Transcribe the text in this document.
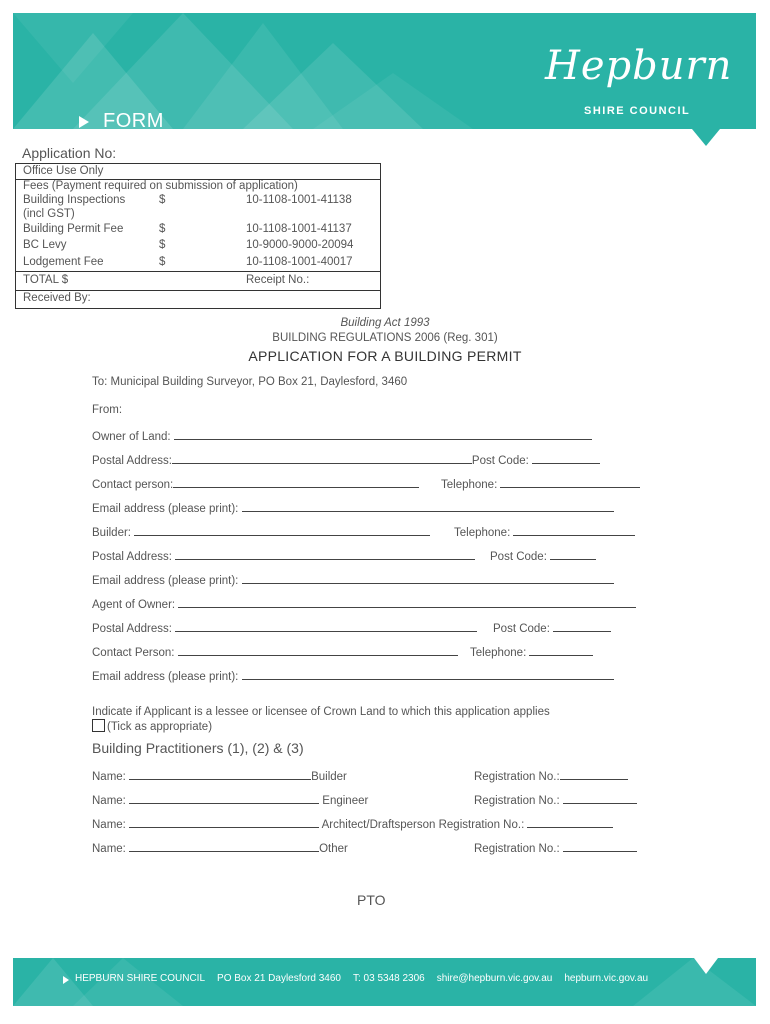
FORM
Hepburn
SHIRE COUNCIL
Application No:
Office Use Only
Fees (Payment required on submission of application)
Building Inspections	$	10-1108-1001-41138
(incl GST)
Building Permit Fee	$	10-1108-1001-41137
BC Levy	$	10-9000-9000-20094
Lodgement Fee	$	10-1108-1001-40017
TOTAL $	Receipt No.:
Received By:
Building Act 1993
BUILDING REGULATIONS 2006 (Reg. 301)
APPLICATION FOR A BUILDING PERMIT
To: Municipal Building Surveyor, PO Box 21, Daylesford, 3460
From:
Owner of Land:
Postal Address:	Post Code:
Contact person:	Telephone:
Email address (please print):
Builder:	Telephone:
Postal Address:	Post Code:
Email address (please print):
Agent of Owner:
Postal Address:	Post Code:
Contact Person:	Telephone:
Email address (please print):
Indicate if Applicant is a lessee or licensee of Crown Land to which this application applies
(Tick as appropriate)
Building Practitioners (1), (2) & (3)
Name:	Builder	Registration No.:
Name:	Engineer	Registration No.:
Name:	Architect/Draftsperson Registration No.:
Name:	Other	Registration No.:
PTO
HEPBURN SHIRE COUNCIL PO Box 21 Daylesford 3460 T: 03 5348 2306 shire@hepburn.vic.gov.au hepburn.vic.gov.au
